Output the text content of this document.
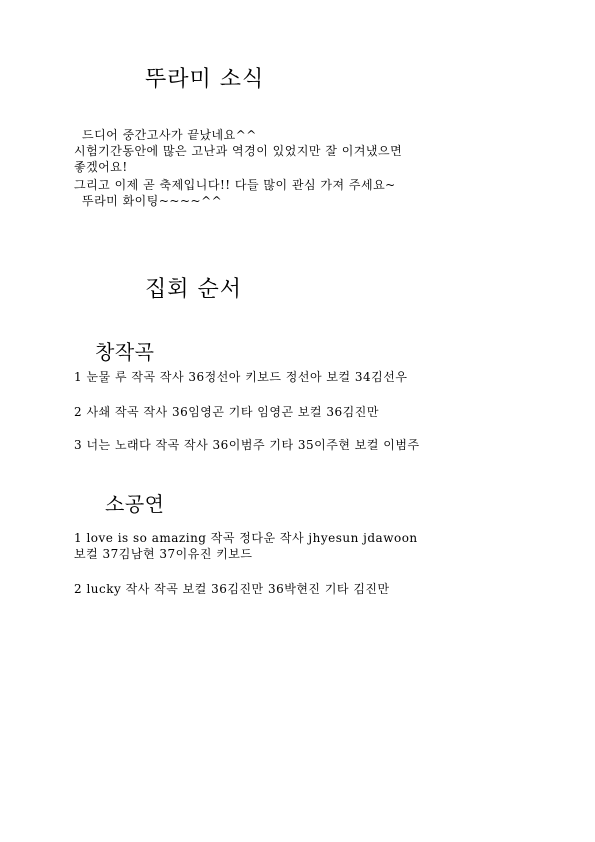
뚜라미 소식
드디어 중간고사가 끝났네요^^
시험기간동안에 많은 고난과 역경이 있었지만 잘 이겨냈으면
좋겠어요!
그리고 이제 곧 축제입니다!! 다들 많이 관심 가져 주세요~
뚜라미 화이팅~~~~^^
집회 순서
창작곡
1 눈물 루 작곡 작사 36정선아 키보드 정선아 보컬 34김선우
2 사쇄 작곡 작사 36임영곤 기타 임영곤 보컬 36김진만
3 너는 노래다 작곡 작사 36이범주 기타 35이주현 보컬 이범주
소공연
1 love is so amazing 작곡 정다운 작사 jhyesun jdawoon
보컬 37김남현 37이유진 키보드
2 lucky 작사 작곡 보컬 36김진만 36박현진 기타 김진만
